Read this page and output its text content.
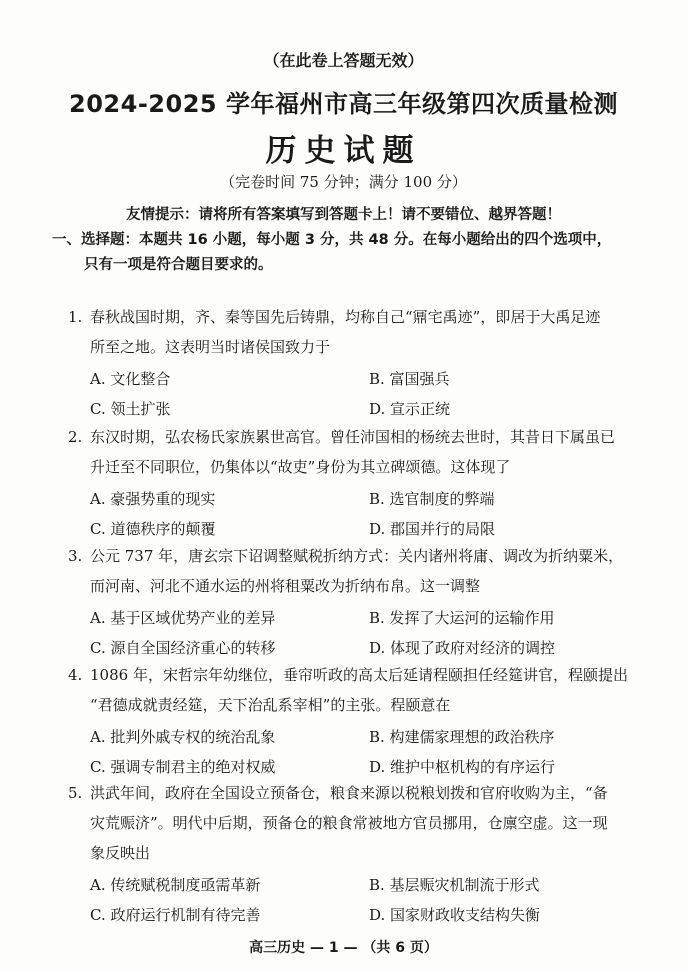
（在此卷上答题无效）
2024-2025 学年福州市高三年级第四次质量检测
历史试题
（完卷时间 75 分钟；满分 100 分）
友情提示：请将所有答案填写到答题卡上！请不要错位、越界答题！
一、选择题：本题共 16 小题，每小题 3 分，共 48 分。在每小题给出的四个选项中，
只有一项是符合题目要求的。
1. 春秋战国时期，齐、秦等国先后铸鼎，均称自己“鼏宅禹迹”，即居于大禹足迹
所至之地。这表明当时诸侯国致力于
A. 文化整合	B. 富国强兵
C. 领土扩张	D. 宣示正统
2. 东汉时期，弘农杨氏家族累世高官。曾任沛国相的杨统去世时，其昔日下属虽已
升迁至不同职位，仍集体以“故吏”身份为其立碑颂德。这体现了
A. 豪强势重的现实	B. 选官制度的弊端
C. 道德秩序的颠覆	D. 郡国并行的局限
3. 公元 737 年，唐玄宗下诏调整赋税折纳方式：关内诸州将庸、调改为折纳粟米，
而河南、河北不通水运的州将租粟改为折纳布帛。这一调整
A. 基于区域优势产业的差异	B. 发挥了大运河的运输作用
C. 源自全国经济重心的转移	D. 体现了政府对经济的调控
4. 1086 年，宋哲宗年幼继位，垂帘听政的高太后延请程颐担任经筵讲官，程颐提出
“君德成就责经筵，天下治乱系宰相”的主张。程颐意在
A. 批判外戚专权的统治乱象	B. 构建儒家理想的政治秩序
C. 强调专制君主的绝对权威	D. 维护中枢机构的有序运行
5. 洪武年间，政府在全国设立预备仓，粮食来源以税粮划拨和官府收购为主，“备
灾荒赈济”。明代中后期，预备仓的粮食常被地方官员挪用，仓廪空虚。这一现
象反映出
A. 传统赋税制度亟需革新	B. 基层赈灾机制流于形式
C. 政府运行机制有待完善	D. 国家财政收支结构失衡
高三历史 — 1 — （共 6 页）
